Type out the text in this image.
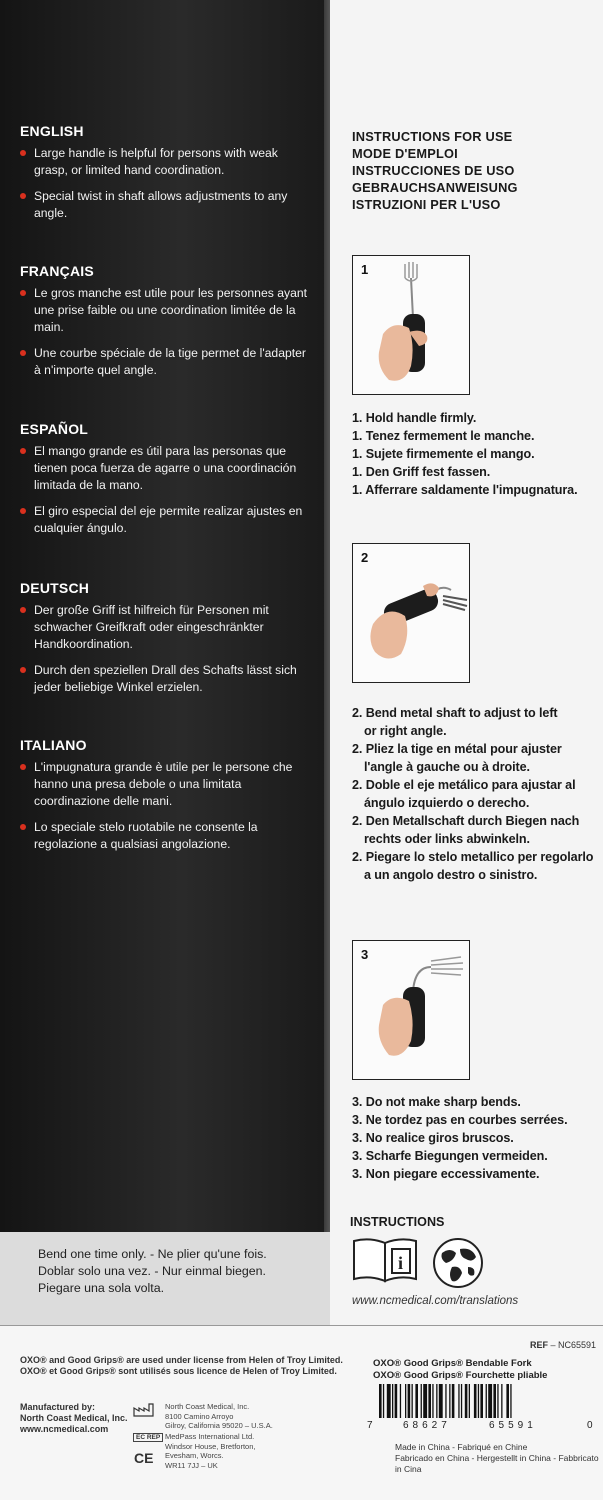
ENGLISH
Large handle is helpful for persons with weak grasp, or limited hand coordination.
Special twist in shaft allows adjustments to any angle.
FRANÇAIS
Le gros manche est utile pour les personnes ayant une prise faible ou une coordination limitée de la main.
Une courbe spéciale de la tige permet de l'adapter à n'importe quel angle.
ESPAÑOL
El mango grande es útil para las personas que tienen poca fuerza de agarre o una coordinación limitada de la mano.
El giro especial del eje permite realizar ajustes en cualquier ángulo.
DEUTSCH
Der große Griff ist hilfreich für Personen mit schwacher Greifkraft oder eingeschränkter Handkoordination.
Durch den speziellen Drall des Schafts lässt sich jeder beliebige Winkel erzielen.
ITALIANO
L'impugnatura grande è utile per le persone che hanno una presa debole o una limitata coordinazione delle mani.
Lo speciale stelo ruotabile ne consente la regolazione a qualsiasi angolazione.
Bend one time only. - Ne plier qu'une fois.
Doblar solo una vez. - Nur einmal biegen.
Piegare una sola volta.
INSTRUCTIONS FOR USE
MODE D'EMPLOI
INSTRUCCIONES DE USO
GEBRAUCHSANWEISUNG
ISTRUZIONI PER L'USO
1
1. Hold handle firmly.
1. Tenez fermement le manche.
1. Sujete firmemente el mango.
1. Den Griff fest fassen.
1. Afferrare saldamente l'impugnatura.
2
2. Bend metal shaft to adjust to left
or right angle.
2. Pliez la tige en métal pour ajuster
l'angle à gauche ou à droite.
2. Doble el eje metálico para ajustar al
ángulo izquierdo o derecho.
2. Den Metallschaft durch Biegen nach
rechts oder links abwinkeln.
2. Piegare lo stelo metallico per regolarlo
a un angolo destro o sinistro.
3
3. Do not make sharp bends.
3. Ne tordez pas en courbes serrées.
3. No realice giros bruscos.
3. Scharfe Biegungen vermeiden.
3. Non piegare eccessivamente.
INSTRUCTIONS
i
www.ncmedical.com/translations
OXO® and Good Grips® are used under license from Helen of Troy Limited.
OXO® et Good Grips® sont utilisés sous licence de Helen of Troy Limited.
Manufactured by:
North Coast Medical, Inc.
www.ncmedical.com
North Coast Medical, Inc.
8100 Camino Arroyo
Gilroy, California 95020 – U.S.A.
EC REP
CE
MedPass International Ltd.
Windsor House, Bretforton,
Evesham, Worcs.
WR11 7JJ – UK
REF – NC65591
OXO® Good Grips® Bendable Fork
OXO® Good Grips® Fourchette pliable
7	68627	65591	0
Made in China - Fabriqué en Chine
Fabricado en China - Hergestellt in China - Fabbricato in Cina
